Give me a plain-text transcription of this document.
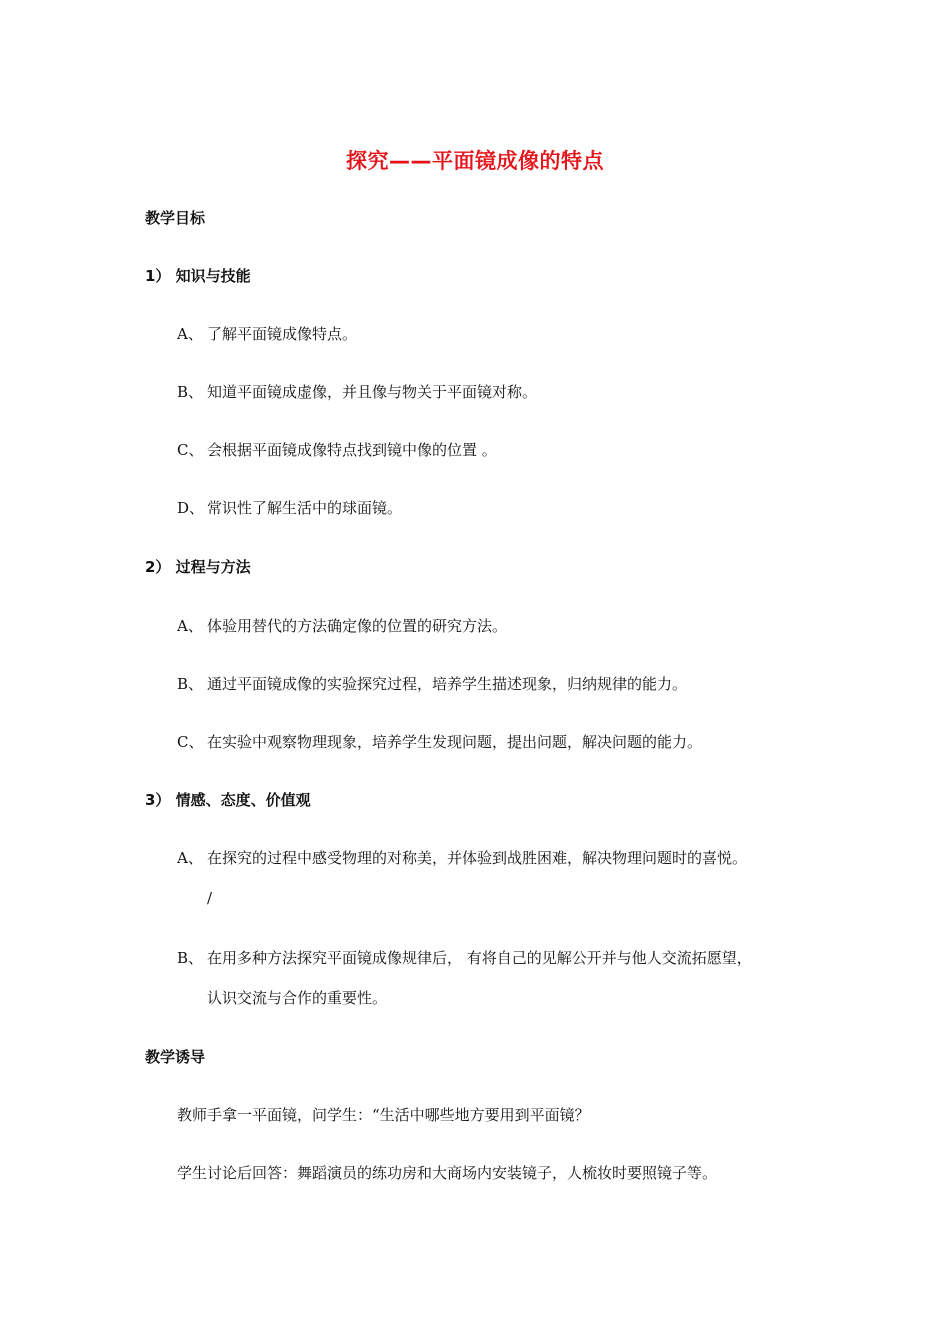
探究——平面镜成像的特点
教学目标
1） 知识与技能
A、 了解平面镜成像特点。
B、 知道平面镜成虚像，并且像与物关于平面镜对称。
C、 会根据平面镜成像特点找到镜中像的位置 。
D、 常识性了解生活中的球面镜。
2） 过程与方法
A、 体验用替代的方法确定像的位置的研究方法。
B、 通过平面镜成像的实验探究过程，培养学生描述现象，归纳规律的能力。
C、 在实验中观察物理现象，培养学生发现问题，提出问题，解决问题的能力。
3） 情感、态度、价值观
A、 在探究的过程中感受物理的对称美，并体验到战胜困难，解决物理问题时的喜悦。
/
B、 在用多种方法探究平面镜成像规律后， 有将自己的见解公开并与他人交流拓愿望，
认识交流与合作的重要性。
教学诱导
教师手拿一平面镜，问学生：“生活中哪些地方要用到平面镜？
学生讨论后回答：舞蹈演员的练功房和大商场内安装镜子，人梳妆时要照镜子等。
